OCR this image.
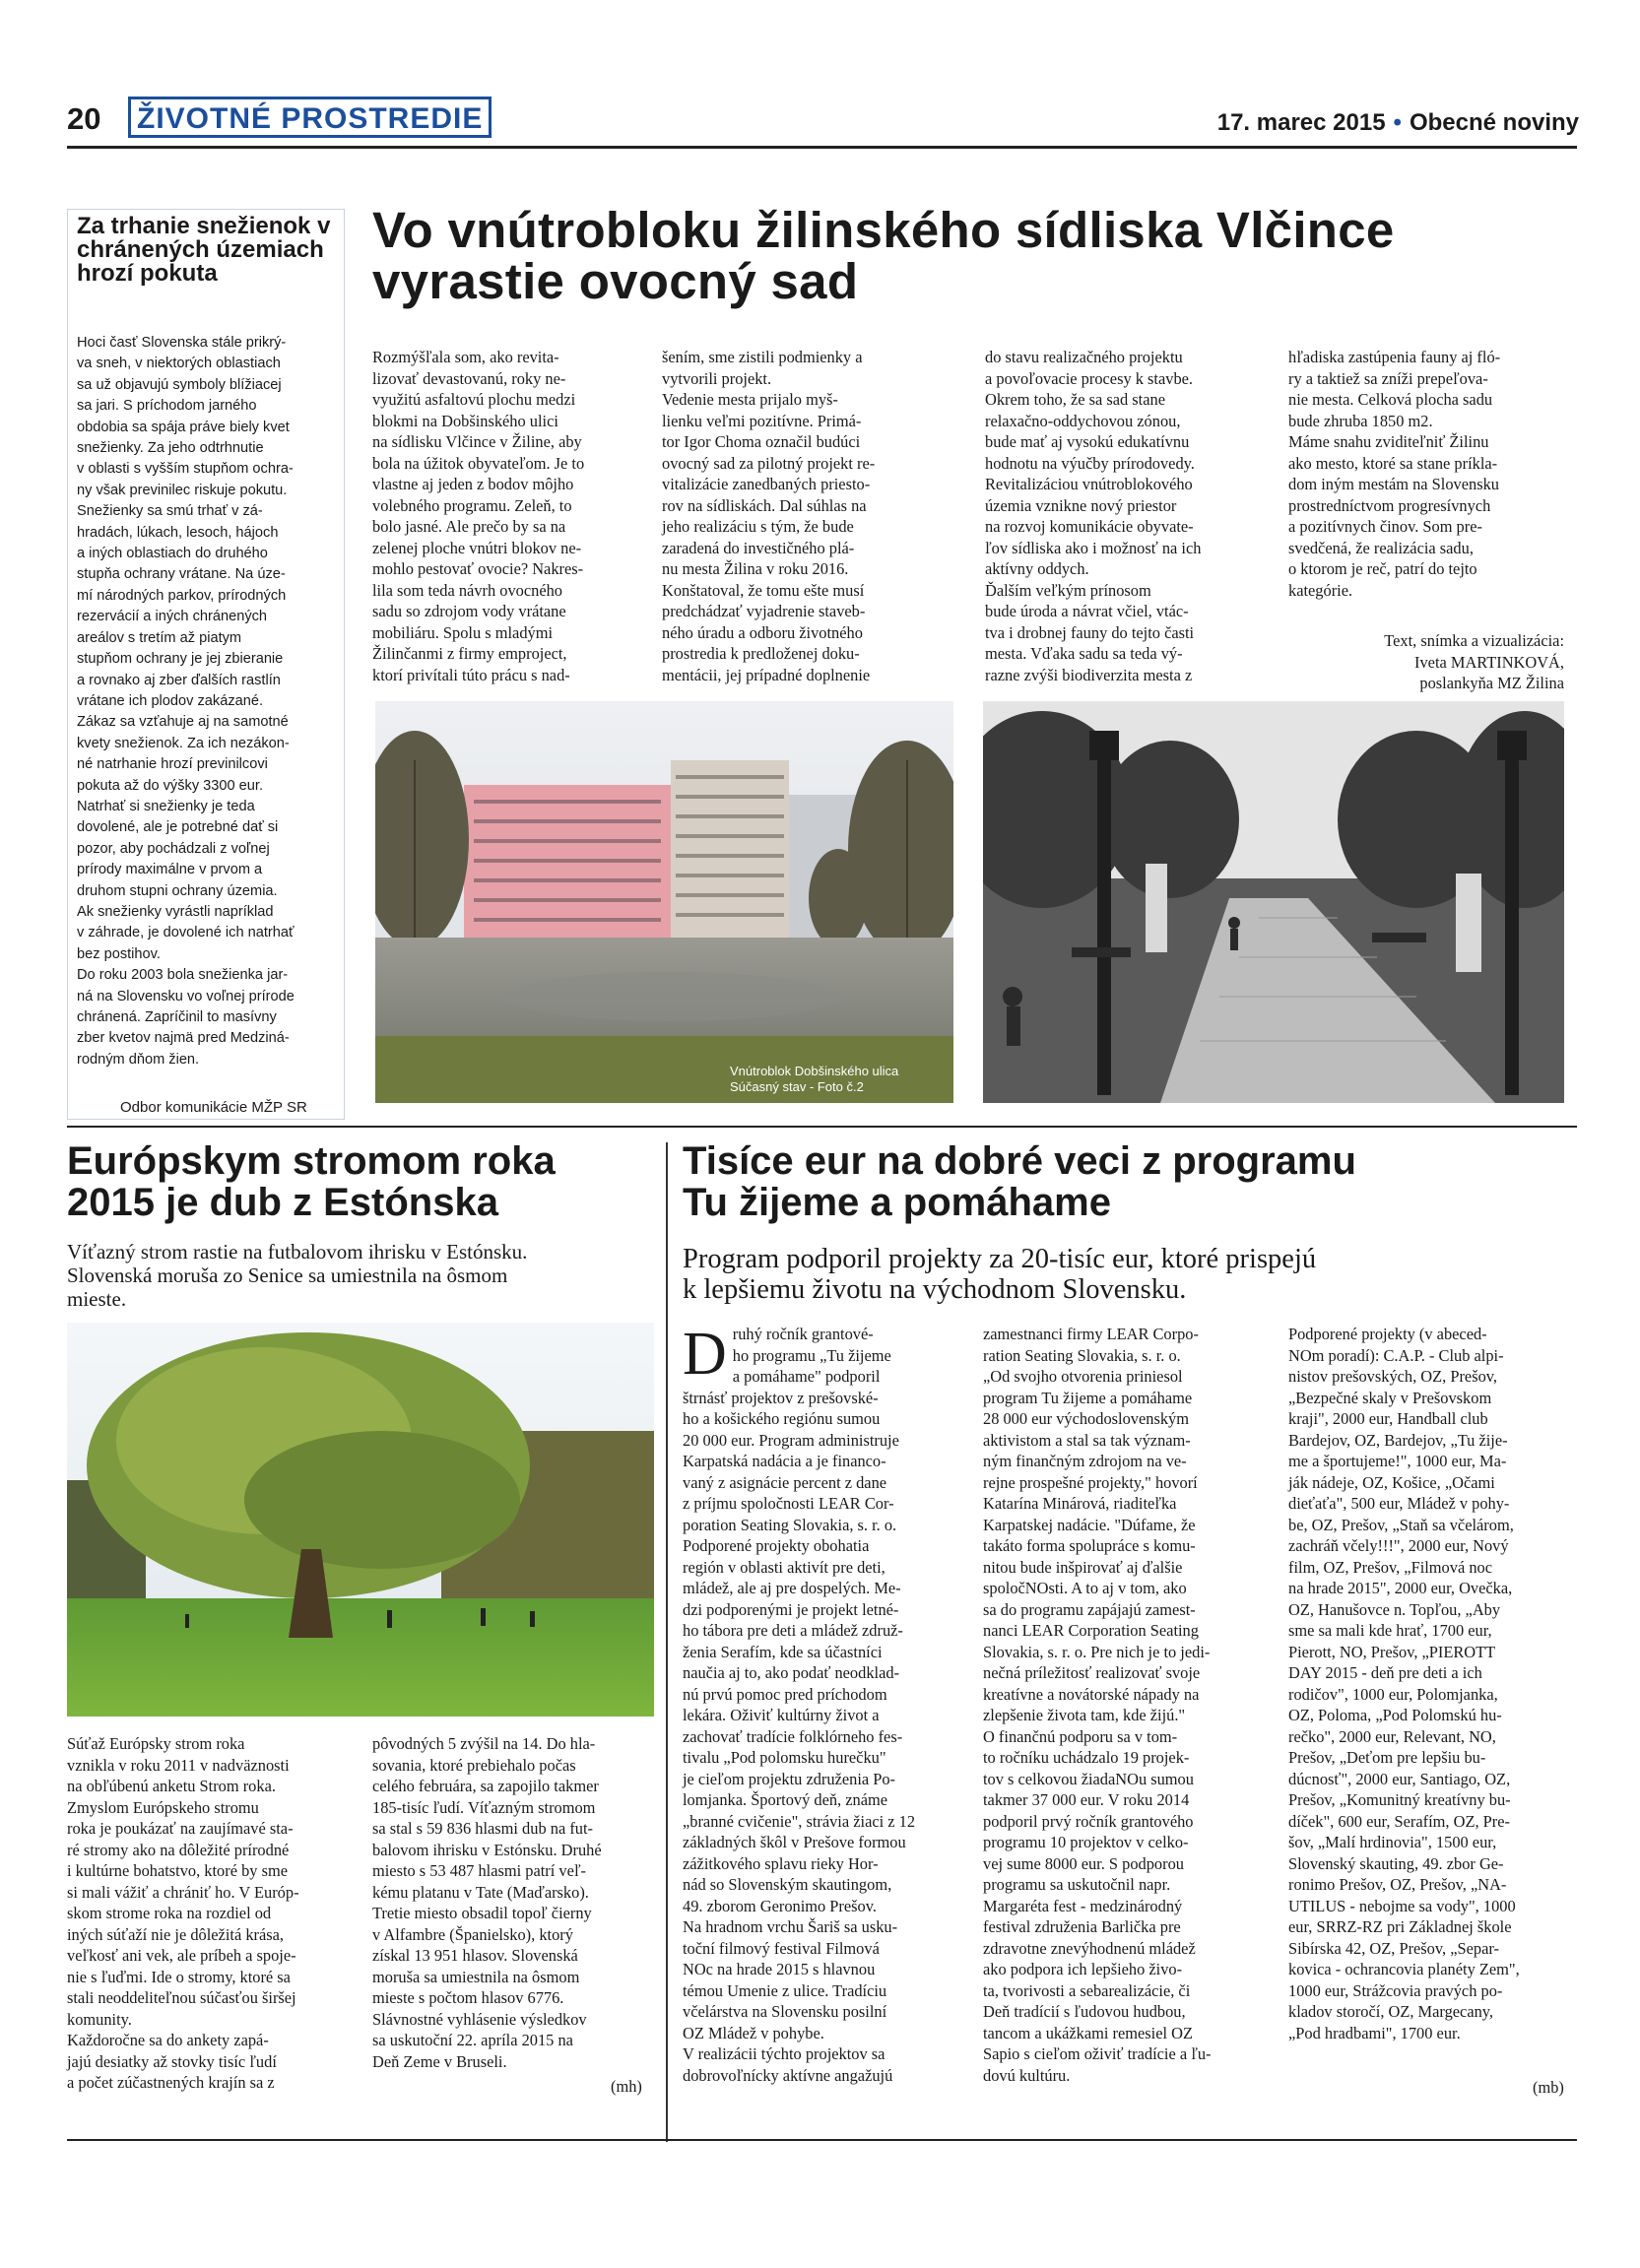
20	ŽIVOTNÉ PROSTREDIE	17. marec 2015 • Obecné noviny
Za trhanie snežienok v chránených územiach hrozí pokuta

Hoci časť Slovenska stále prikrý-
va sneh, v niektorých oblastiach
sa už objavujú symboly blížiacej
sa jari. S príchodom jarného
obdobia sa spája práve biely kvet
snežienky. Za jeho odtrhnutie
v oblasti s vyšším stupňom ochra-
ny však previnilec riskuje pokutu.
Snežienky sa smú trhať v zá-
hradách, lúkach, lesoch, hájoch
a iných oblastiach do druhého
stupňa ochrany vrátane. Na úze-
mí národných parkov, prírodných
rezervácií a iných chránených
areálov s tretím až piatym
stupňom ochrany je jej zbieranie
a rovnako aj zber ďalších rastlín
vrátane ich plodov zakázané.
Zákaz sa vzťahuje aj na samotné
kvety snežienok. Za ich nezákon-
né natrhanie hrozí previnilcovi
pokuta až do výšky 3300 eur.
Natrhať si snežienky je teda
dovolené, ale je potrebné dať si
pozor, aby pochádzali z voľnej
prírody maximálne v prvom a
druhom stupni ochrany územia.
Ak snežienky vyrástli napríklad
v záhrade, je dovolené ich natrhať
bez postihov.
Do roku 2003 bola snežienka jar-
ná na Slovensku vo voľnej prírode
chránená. Zapríčinil to masívny
zber kvetov najmä pred Medziná-
rodným dňom žien.

Odbor komunikácie MŽP SR
Vo vnútrobloku žilinského sídliska Vlčince vyrastie ovocný sad

Rozmýšľala som, ako revita-
lizovať devastovanú, roky ne-
využitú asfaltovú plochu medzi
blokmi na Dobšinského ulici
na sídlisku Vlčince v Žiline, aby
bola na úžitok obyvateľom. Je to
vlastne aj jeden z bodov môjho
volebného programu. Zeleň, to
bolo jasné. Ale prečo by sa na
zelenej ploche vnútri blokov ne-
mohlo pestovať ovocie? Nakres-
lila som teda návrh ovocného
sadu so zdrojom vody vrátane
mobiliáru. Spolu s mladými
Žilinčanmi z firmy emproject,
ktorí privítali túto prácu s nad-

šením, sme zistili podmienky a
vytvorili projekt.
Vedenie mesta prijalo myš-
lienku veľmi pozitívne. Primá-
tor Igor Choma označil budúci
ovocný sad za pilotný projekt re-
vitalizácie zanedbaných priesto-
rov na sídliskách. Dal súhlas na
jeho realizáciu s tým, že bude
zaradená do investičného plá-
nu mesta Žilina v roku 2016.
Konštatoval, že tomu ešte musí
predchádzať vyjadrenie staveb-
ného úradu a odboru životného
prostredia k predloženej doku-
mentácii, jej prípadné doplnenie

do stavu realizačného projektu
a povoľovacie procesy k stavbe.
Okrem toho, že sa sad stane
relaxačno-oddychovou zónou,
bude mať aj vysokú edukatívnu
hodnotu na výučby prírodovedy.
Revitalizáciou vnútroblokového
územia vznikne nový priestor
na rozvoj komunikácie obyvate-
ľov sídliska ako i možnosť na ich
aktívny oddych.
Ďalším veľkým prínosom
bude úroda a návrat včiel, vtác-
tva i drobnej fauny do tejto časti
mesta. Vďaka sadu sa teda vý-
razne zvýši biodiverzita mesta z

hľadiska zastúpenia fauny aj fló-
ry a taktiež sa zníži prepeľova-
nie mesta. Celková plocha sadu
bude zhruba 1850 m2.
Máme snahu zviditeľniť Žilinu
ako mesto, ktoré sa stane príkla-
dom iným mestám na Slovensku
prostredníctvom progresívnych
a pozitívnych činov. Som pre-
svedčená, že realizácia sadu,
o ktorom je reč, patrí do tejto
kategórie.

Text, snímka a vizualizácia:
Iveta MARTINKOVÁ,
poslankyňa MZ Žilina
Vnútroblok Dobšinského ulica
Súčasný stav - Foto č.2
Európskym stromom roka
2015 je dub z Estónska

Víťazný strom rastie na futbalovom ihrisku v Estónsku.
Slovenská moruša zo Senice sa umiestnila na ôsmom
mieste.

Súťaž Európsky strom roka
vznikla v roku 2011 v nadväznosti
na obľúbenú anketu Strom roka.
Zmyslom Európskeho stromu
roka je poukázať na zaujímavé sta-
ré stromy ako na dôležité prírodné
i kultúrne bohatstvo, ktoré by sme
si mali vážiť a chrániť ho. V Európ-
skom strome roka na rozdiel od
iných súťaží nie je dôležitá krása,
veľkosť ani vek, ale príbeh a spoje-
nie s ľuďmi. Ide o stromy, ktoré sa
stali neoddeliteľnou súčasťou širšej
komunity.
Každoročne sa do ankety zapá-
jajú desiatky až stovky tisíc ľudí
a počet zúčastnených krajín sa z

pôvodných 5 zvýšil na 14. Do hla-
sovania, ktoré prebiehalo počas
celého februára, sa zapojilo takmer
185-tisíc ľudí. Víťazným stromom
sa stal s 59 836 hlasmi dub na fut-
balovom ihrisku v Estónsku. Druhé
miesto s 53 487 hlasmi patrí veľ-
kému platanu v Tate (Maďarsko).
Tretie miesto obsadil topoľ čierny
v Alfambre (Španielsko), ktorý
získal 13 951 hlasov. Slovenská
moruša sa umiestnila na ôsmom
mieste s počtom hlasov 6776.
Slávnostné vyhlásenie výsledkov
sa uskutoční 22. apríla 2015 na
Deň Zeme v Bruseli.

(mh)
Tisíce eur na dobré veci z programu
Tu žijeme a pomáhame

Program podporil projekty za 20-tisíc eur, ktoré prispejú
k lepšiemu životu na východnom Slovensku.

D ruhý ročník grantové-
ho programu „Tu žijeme
a pomáhame" podporil
štrnásť projektov z prešovské-
ho a košického regiónu sumou
20 000 eur. Program administruje
Karpatská nadácia a je financo-
vaný z asignácie percent z dane
z príjmu spoločnosti LEAR Cor-
poration Seating Slovakia, s. r. o.
Podporené projekty obohatia
región v oblasti aktivít pre deti,
mládež, ale aj pre dospelých. Me-
dzi podporenými je projekt letné-
ho tábora pre deti a mládež združ-
ženia Serafím, kde sa účastníci
naučia aj to, ako podať neodklad-
nú prvú pomoc pred príchodom
lekára. Oživiť kultúrny život a
zachovať tradície folklórneho fes-
tivalu „Pod polomsku hurečku"
je cieľom projektu združenia Po-
lomjanka. Športový deň, známe
„branné cvičenie", strávia žiaci z 12
základných škôl v Prešove formou
zážitkového splavu rieky Hor-
nád so Slovenským skautingom,
49. zborom Geronimo Prešov.
Na hradnom vrchu Šariš sa usku-
toční filmový festival Filmová
NOc na hrade 2015 s hlavnou
témou Umenie z ulice. Tradíciu
včelárstva na Slovensku posilní
OZ Mládež v pohybe.
V realizácii týchto projektov sa
dobrovoľnícky aktívne angažujú

zamestnanci firmy LEAR Corpo-
ration Seating Slovakia, s. r. o.
„Od svojho otvorenia priniesol
program Tu žijeme a pomáhame
28 000 eur východoslovenským
aktivistom a stal sa tak význam-
ným finančným zdrojom na ve-
rejne prospešné projekty," hovorí
Katarína Minárová, riaditeľka
Karpatskej nadácie. "Dúfame, že
takáto forma spolupráce s komu-
nitou bude inšpirovať aj ďalšie
spoločNOsti. A to aj v tom, ako
sa do programu zapájajú zamest-
nanci LEAR Corporation Seating
Slovakia, s. r. o. Pre nich je to jedi-
nečná príležitosť realizovať svoje
kreatívne a novátorské nápady na
zlepšenie života tam, kde žijú."
O finančnú podporu sa v tom-
to ročníku uchádzalo 19 projek-
tov s celkovou žiadaNOu sumou
takmer 37 000 eur. V roku 2014
podporil prvý ročník grantového
programu 10 projektov v celko-
vej sume 8000 eur. S podporou
programu sa uskutočnil napr.
Margaréta fest - medzinárodný
festival združenia Barlička pre
zdravotne znevýhodnenú mládež
ako podpora ich lepšieho živo-
ta, tvorivosti a sebarealizácie, či
Deň tradícií s ľudovou hudbou,
tancom a ukážkami remesiel OZ
Sapio s cieľom oživiť tradície a ľu-
dovú kultúru.

Podporené projekty (v abeced-
NOm poradí): C.A.P. - Club alpi-
nistov prešovských, OZ, Prešov,
„Bezpečné skaly v Prešovskom
kraji", 2000 eur, Handball club
Bardejov, OZ, Bardejov, „Tu žije-
me a športujeme!", 1000 eur, Ma-
ják nádeje, OZ, Košice, „Očami
dieťaťa", 500 eur, Mládež v pohy-
be, OZ, Prešov, „Staň sa včelárom,
zachráň včely!!!", 2000 eur, Nový
film, OZ, Prešov, „Filmová noc
na hrade 2015", 2000 eur, Ovečka,
OZ, Hanušovce n. Topľou, „Aby
sme sa mali kde hrať, 1700 eur,
Pierott, NO, Prešov, „PIEROTT
DAY 2015 - deň pre deti a ich
rodičov", 1000 eur, Polomjanka,
OZ, Poloma, „Pod Polomskú hu-
rečko", 2000 eur, Relevant, NO,
Prešov, „Deťom pre lepšiu bu-
dúcnosť", 2000 eur, Santiago, OZ,
Prešov, „Komunitný kreatívny bu-
díček", 600 eur, Serafím, OZ, Pre-
šov, „Malí hrdinovia", 1500 eur,
Slovenský skauting, 49. zbor Ge-
ronimo Prešov, OZ, Prešov, „NA-
UTILUS - nebojme sa vody", 1000
eur, SRRZ-RZ pri Základnej škole
Sibírska 42, OZ, Prešov, „Separ-
kovica - ochrancovia planéty Zem",
1000 eur, Strážcovia pravých po-
kladov storočí, OZ, Margecany,
„Pod hradbami", 1700 eur.

(mb)
